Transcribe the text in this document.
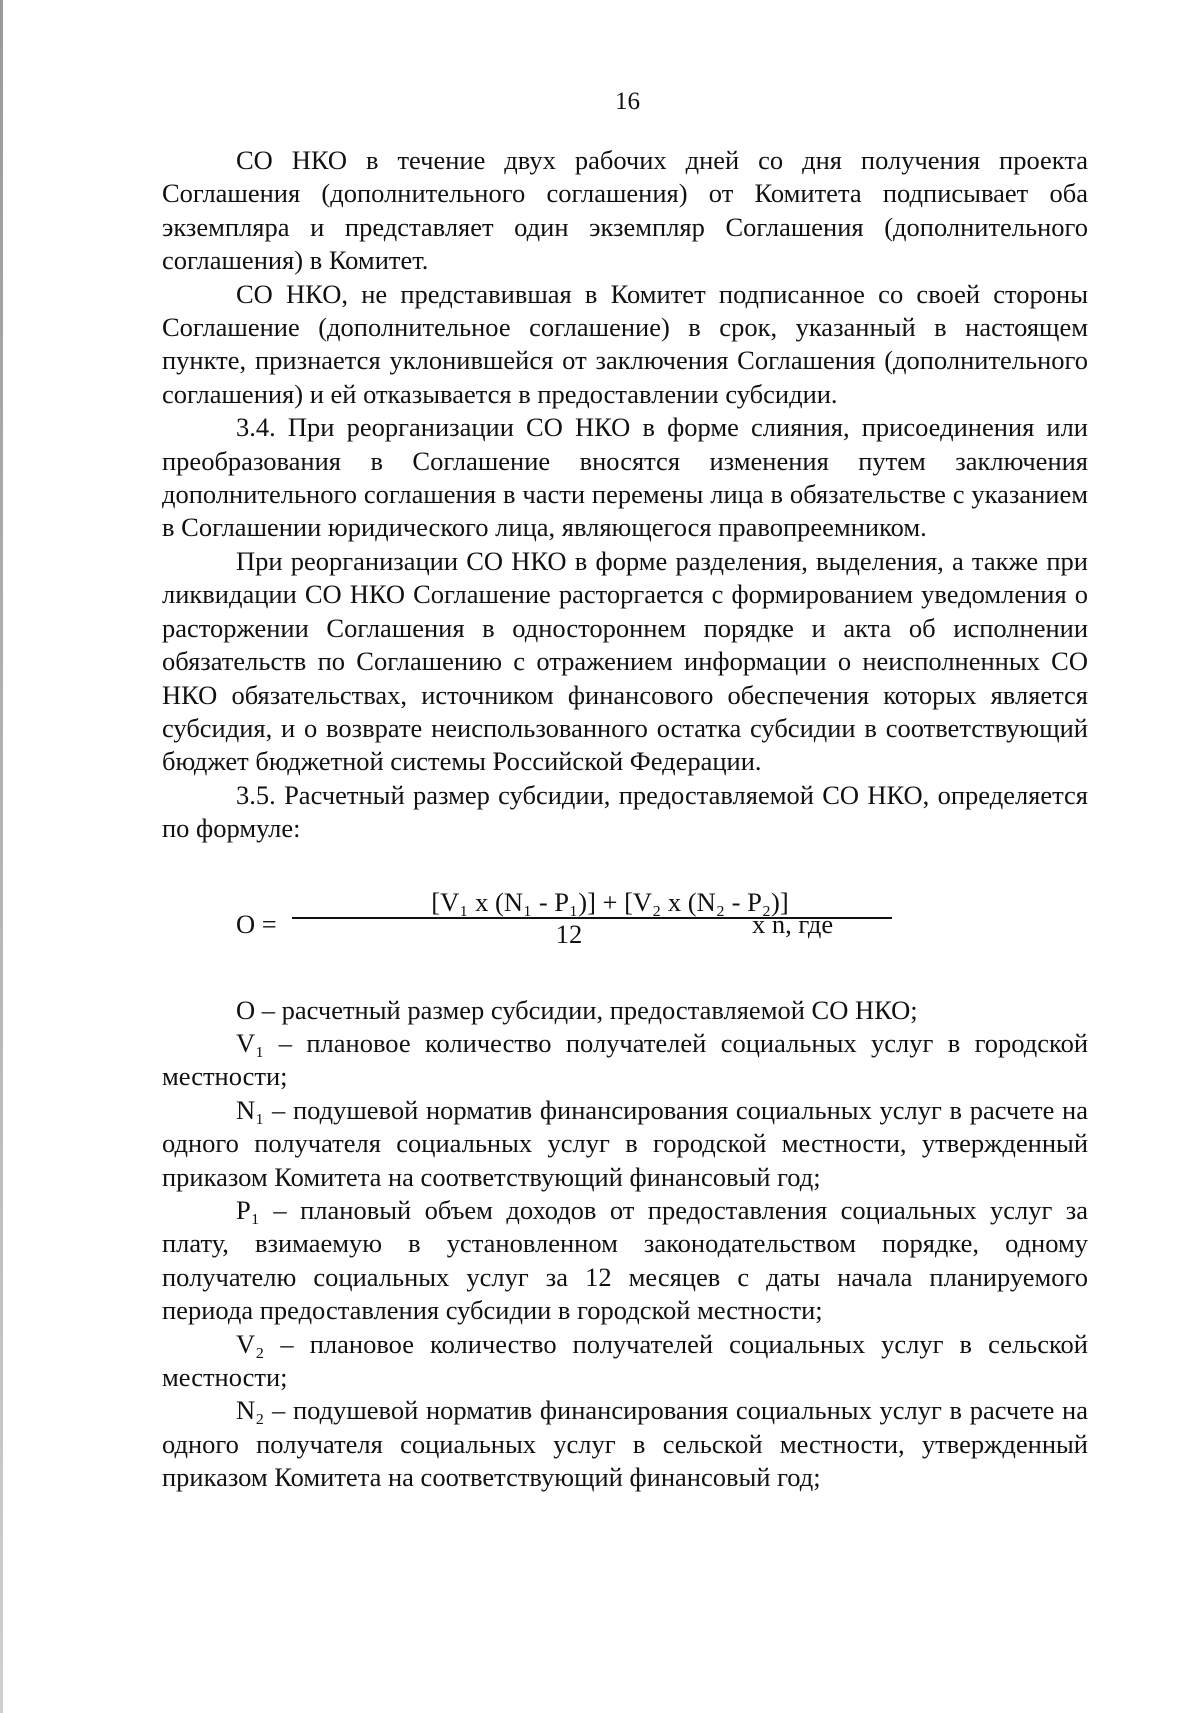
16

СО НКО в течение двух рабочих дней со дня получения проекта Соглашения (дополнительного соглашения) от Комитета подписывает оба экземпляра и представляет один экземпляр Соглашения (дополнительного соглашения) в Комитет.

СО НКО, не представившая в Комитет подписанное со своей стороны Соглашение (дополнительное соглашение) в срок, указанный в настоящем пункте, признается уклонившейся от заключения Соглашения (дополнительного соглашения) и ей отказывается в предоставлении субсидии.

3.4. При реорганизации СО НКО в форме слияния, присоединения или преобразования в Соглашение вносятся изменения путем заключения дополнительного соглашения в части перемены лица в обязательстве с указанием в Соглашении юридического лица, являющегося правопреемником.

При реорганизации СО НКО в форме разделения, выделения, а также при ликвидации СО НКО Соглашение расторгается с формированием уведомления о расторжении Соглашения в одностороннем порядке и акта об исполнении обязательств по Соглашению с отражением информации о неисполненных СО НКО обязательствах, источником финансового обеспечения которых является субсидия, и о возврате неиспользованного остатка субсидии в соответствующий бюджет бюджетной системы Российской Федерации.

3.5. Расчетный размер субсидии, предоставляемой СО НКО, определяется по формуле:

О =
[V₁ x (N₁ - P₁)] + [V₂ x (N₂ - P₂)]
12	x n, где

О – расчетный размер субсидии, предоставляемой СО НКО;

V₁ – плановое количество получателей социальных услуг в городской местности;

N₁ – подушевой норматив финансирования социальных услуг в расчете на одного получателя социальных услуг в городской местности, утвержденный приказом Комитета на соответствующий финансовый год;

P₁ – плановый объем доходов от предоставления социальных услуг за плату, взимаемую в установленном законодательством порядке, одному получателю социальных услуг за 12 месяцев с даты начала планируемого периода предоставления субсидии в городской местности;

V₂ – плановое количество получателей социальных услуг в сельской местности;

N₂ – подушевой норматив финансирования социальных услуг в расчете на одного получателя социальных услуг в сельской местности, утвержденный приказом Комитета на соответствующий финансовый год;
